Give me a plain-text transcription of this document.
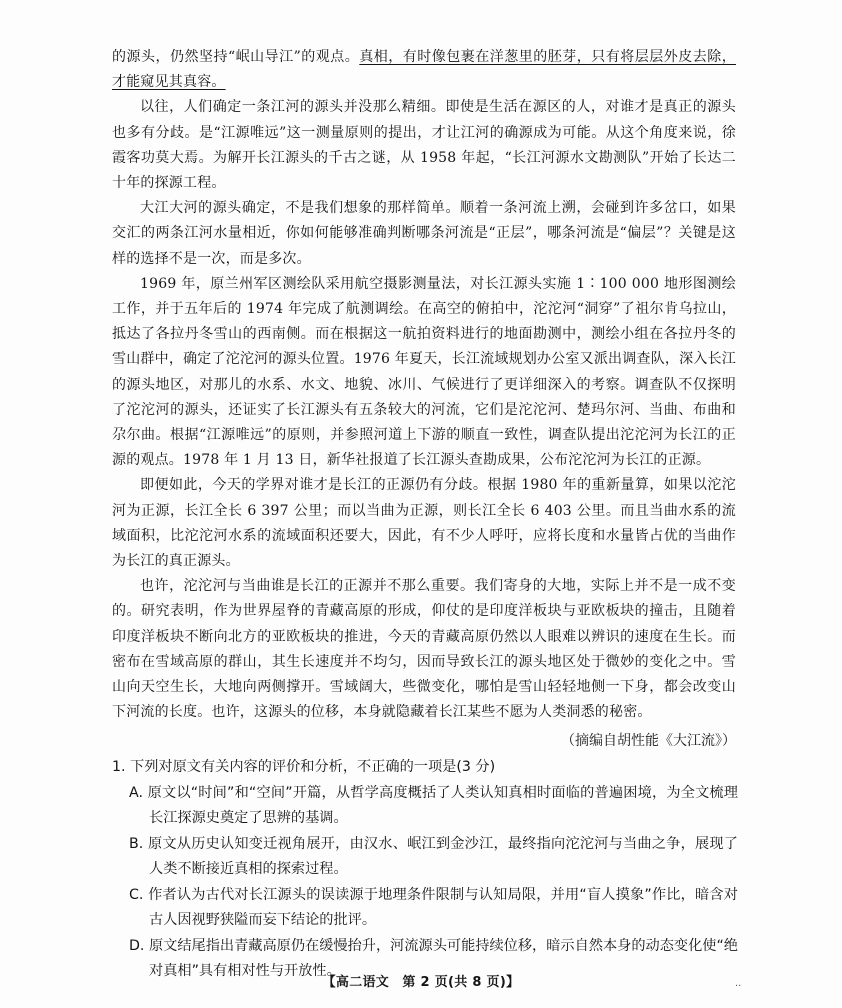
的源头，仍然坚持“岷山导江”的观点。真相，有时像包裹在洋葱里的胚芽，只有将层层外皮去除，才能窥见其真容。

以往，人们确定一条江河的源头并没那么精细。即使是生活在源区的人，对谁才是真正的源头也多有分歧。是“江源唯远”这一测量原则的提出，才让江河的确源成为可能。从这个角度来说，徐霞客功莫大焉。为解开长江源头的千古之谜，从 1958 年起，“长江河源水文勘测队”开始了长达二十年的探源工程。

大江大河的源头确定，不是我们想象的那样简单。顺着一条河流上溯，会碰到许多岔口，如果交汇的两条江河水量相近，你如何能够准确判断哪条河流是“正层”，哪条河流是“偏层”？关键是这样的选择不是一次，而是多次。

1969 年，原兰州军区测绘队采用航空摄影测量法，对长江源头实施 1∶100 000 地形图测绘工作，并于五年后的 1974 年完成了航测调绘。在高空的俯拍中，沱沱河“洞穿”了祖尔肯乌拉山，抵达了各拉丹冬雪山的西南侧。而在根据这一航拍资料进行的地面勘测中，测绘小组在各拉丹冬的雪山群中，确定了沱沱河的源头位置。1976 年夏天，长江流域规划办公室又派出调查队，深入长江的源头地区，对那儿的水系、水文、地貌、冰川、气候进行了更详细深入的考察。调查队不仅探明了沱沱河的源头，还证实了长江源头有五条较大的河流，它们是沱沱河、楚玛尔河、当曲、布曲和尕尔曲。根据“江源唯远”的原则，并参照河道上下游的顺直一致性，调查队提出沱沱河为长江的正源的观点。1978 年 1 月 13 日，新华社报道了长江源头查勘成果，公布沱沱河为长江的正源。

即便如此，今天的学界对谁才是长江的正源仍有分歧。根据 1980 年的重新量算，如果以沱沱河为正源，长江全长 6 397 公里；而以当曲为正源，则长江全长 6 403 公里。而且当曲水系的流域面积，比沱沱河水系的流域面积还要大，因此，有不少人呼吁，应将长度和水量皆占优的当曲作为长江的真正源头。

也许，沱沱河与当曲谁是长江的正源并不那么重要。我们寄身的大地，实际上并不是一成不变的。研究表明，作为世界屋脊的青藏高原的形成，仰仗的是印度洋板块与亚欧板块的撞击，且随着印度洋板块不断向北方的亚欧板块的推进，今天的青藏高原仍然以人眼难以辨识的速度在生长。而密布在雪域高原的群山，其生长速度并不均匀，因而导致长江的源头地区处于微妙的变化之中。雪山向天空生长，大地向两侧撑开。雪域阔大，些微变化，哪怕是雪山轻轻地侧一下身，都会改变山下河流的长度。也许，这源头的位移，本身就隐藏着长江某些不愿为人类洞悉的秘密。

（摘编自胡性能《大江流》）

1. 下列对原文有关内容的评价和分析，不正确的一项是(3 分)

A. 原文以“时间”和“空间”开篇，从哲学高度概括了人类认知真相时面临的普遍困境，为全文梳理长江探源史奠定了思辨的基调。

B. 原文从历史认知变迁视角展开，由汉水、岷江到金沙江，最终指向沱沱河与当曲之争，展现了人类不断接近真相的探索过程。

C. 作者认为古代对长江源头的误读源于地理条件限制与认知局限，并用“盲人摸象”作比，暗含对古人因视野狭隘而妄下结论的批评。

D. 原文结尾指出青藏高原仍在缓慢抬升，河流源头可能持续位移，暗示自然本身的动态变化使“绝对真相”具有相对性与开放性。

【高二语文　第 2 页(共 8 页)】	..
